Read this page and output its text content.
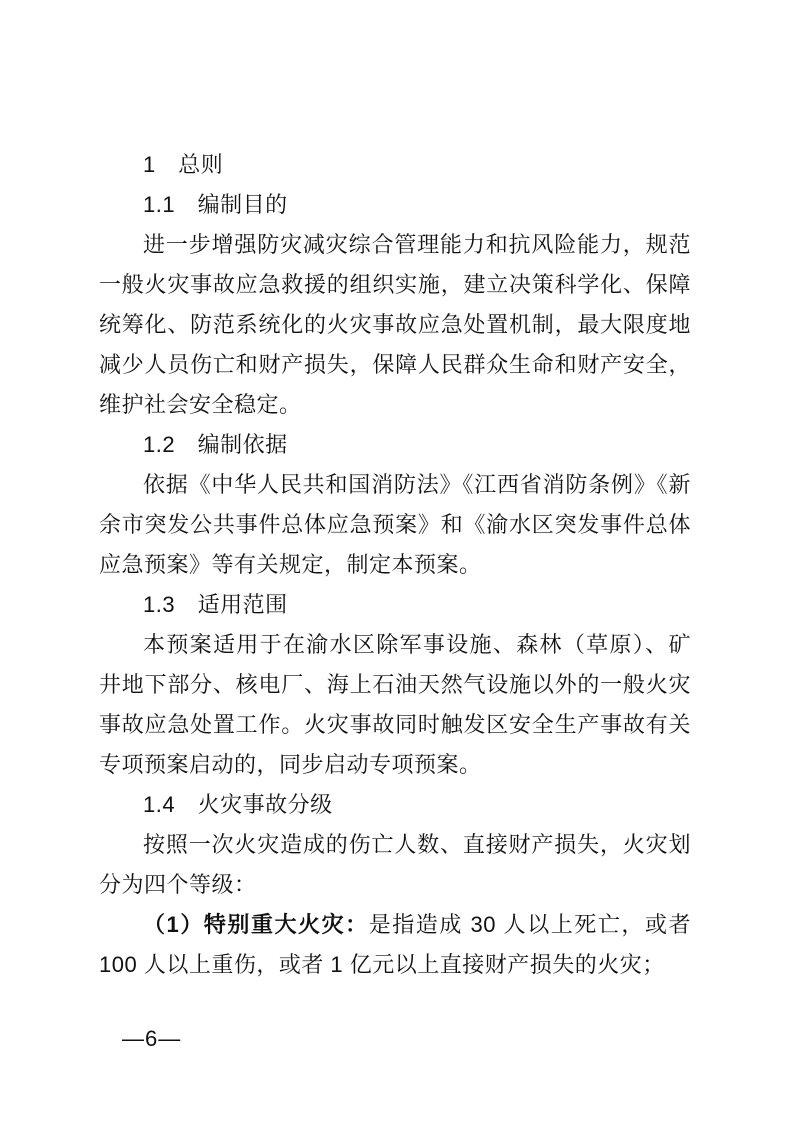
1　总则

1.1　编制目的

进一步增强防灾减灾综合管理能力和抗风险能力，规范一般火灾事故应急救援的组织实施，建立决策科学化、保障统筹化、防范系统化的火灾事故应急处置机制，最大限度地减少人员伤亡和财产损失，保障人民群众生命和财产安全，维护社会安全稳定。

1.2　编制依据

依据《中华人民共和国消防法》《江西省消防条例》《新余市突发公共事件总体应急预案》和《渝水区突发事件总体应急预案》等有关规定，制定本预案。

1.3　适用范围

本预案适用于在渝水区除军事设施、森林（草原）、矿井地下部分、核电厂、海上石油天然气设施以外的一般火灾事故应急处置工作。火灾事故同时触发区安全生产事故有关专项预案启动的，同步启动专项预案。

1.4　火灾事故分级

按照一次火灾造成的伤亡人数、直接财产损失，火灾划分为四个等级：

（1）特别重大火灾：是指造成 30 人以上死亡，或者 100 人以上重伤，或者 1 亿元以上直接财产损失的火灾；

—6—
